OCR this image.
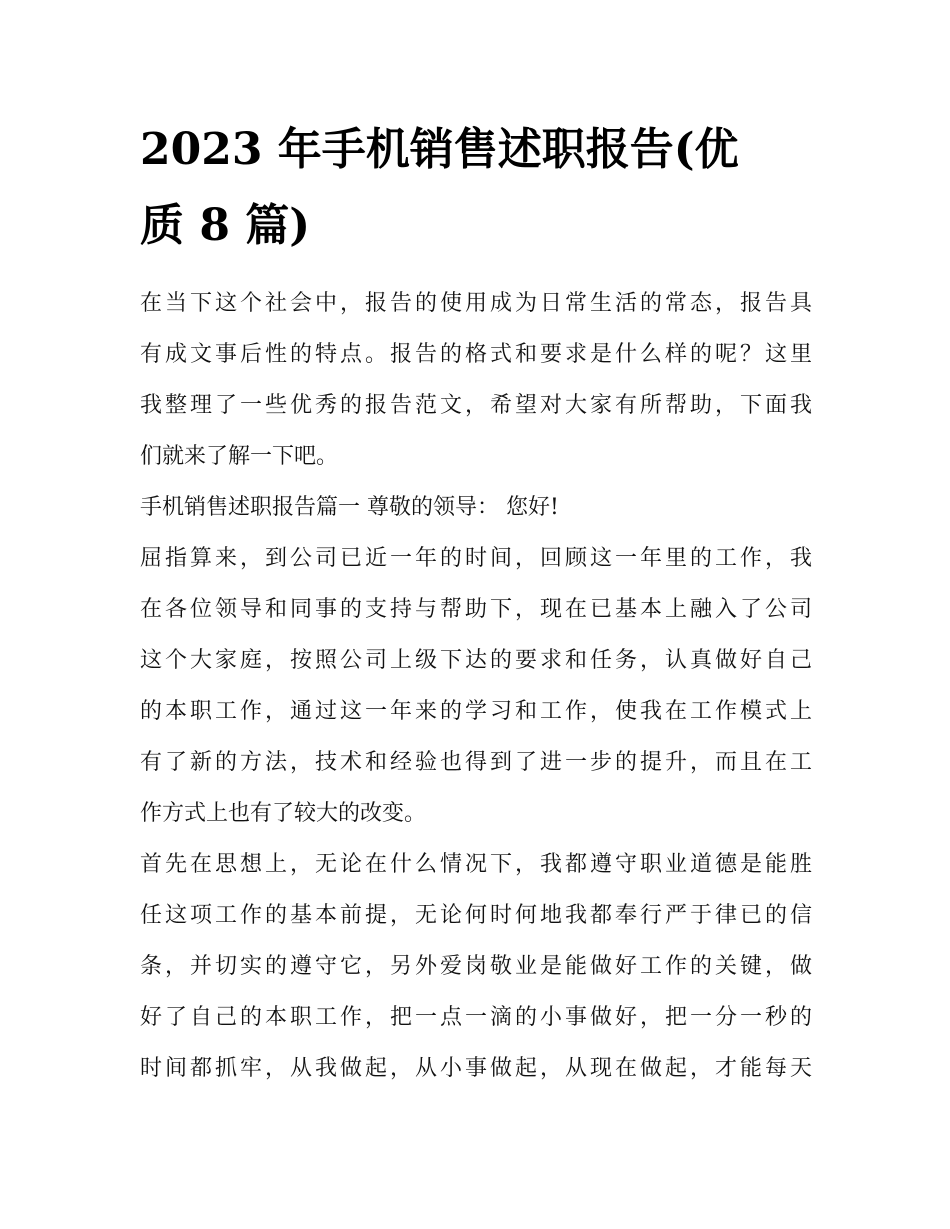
2023 年手机销售述职报告(优
质 8 篇)

在当下这个社会中，报告的使用成为日常生活的常态，报告具
有成文事后性的特点。报告的格式和要求是什么样的呢？这里
我整理了一些优秀的报告范文，希望对大家有所帮助，下面我
们就来了解一下吧。

手机销售述职报告篇一 尊敬的领导： 您好!

屈指算来，到公司已近一年的时间，回顾这一年里的工作，我
在各位领导和同事的支持与帮助下，现在已基本上融入了公司
这个大家庭，按照公司上级下达的要求和任务，认真做好自己
的本职工作，通过这一年来的学习和工作，使我在工作模式上
有了新的方法，技术和经验也得到了进一步的提升，而且在工
作方式上也有了较大的改变。

首先在思想上，无论在什么情况下，我都遵守职业道德是能胜
任这项工作的基本前提，无论何时何地我都奉行严于律已的信
条，并切实的遵守它，另外爱岗敬业是能做好工作的关键，做
好了自己的本职工作，把一点一滴的小事做好，把一分一秒的
时间都抓牢，从我做起，从小事做起，从现在做起，才能每天
